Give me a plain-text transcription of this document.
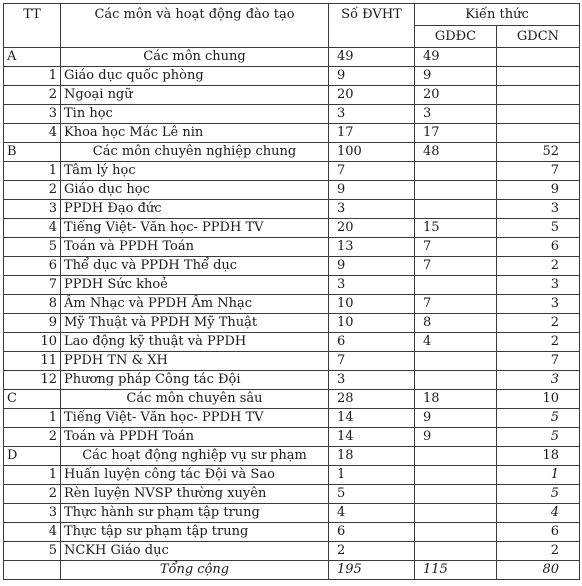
TT	Các môn và hoạt động đào tạo	Số ĐVHT	Kiến thức	
			GDĐC	GDCN
A	Các môn chung	49	49	
1	Giáo dục quốc phòng	9	9	
2	Ngoại ngữ	20	20	
3	Tin học	3	3	
4	Khoa học Mác Lê nin	17	17	
B	Các môn chuyên nghiệp chung	100	48	52
1	Tâm lý học	7		7
2	Giáo dục học	9		9
3	PPDH Đạo đức	3		3
4	Tiếng Việt- Văn học- PPDH TV	20	15	5
5	Toán và PPDH Toán	13	7	6
6	Thể dục và PPDH Thể dục	9	7	2
7	PPDH Sức khoẻ	3		3
8	Âm Nhạc và PPDH Âm Nhạc	10	7	3
9	Mỹ Thuật và PPDH Mỹ Thuật	10	8	2
10	Lao động kỹ thuật và PPDH	6	4	2
11	PPDH TN & XH	7		7
12	Phương pháp Công tác Đội	3		3
C	Các môn chuyên sâu	28	18	10
1	Tiếng Việt- Văn học- PPDH TV	14	9	5
2	Toán và PPDH Toán	14	9	5
D	Các hoạt động nghiệp vụ sư phạm	18		18
1	Huấn luyện công tác Đội và Sao	1		1
2	Rèn luyện NVSP thường xuyên	5		5
3	Thực hành sư phạm tập trung	4		4
4	Thực tập sư phạm tập trung	6		6
5	NCKH Giáo dục	2		2
	Tổng cộng	195	115	80
